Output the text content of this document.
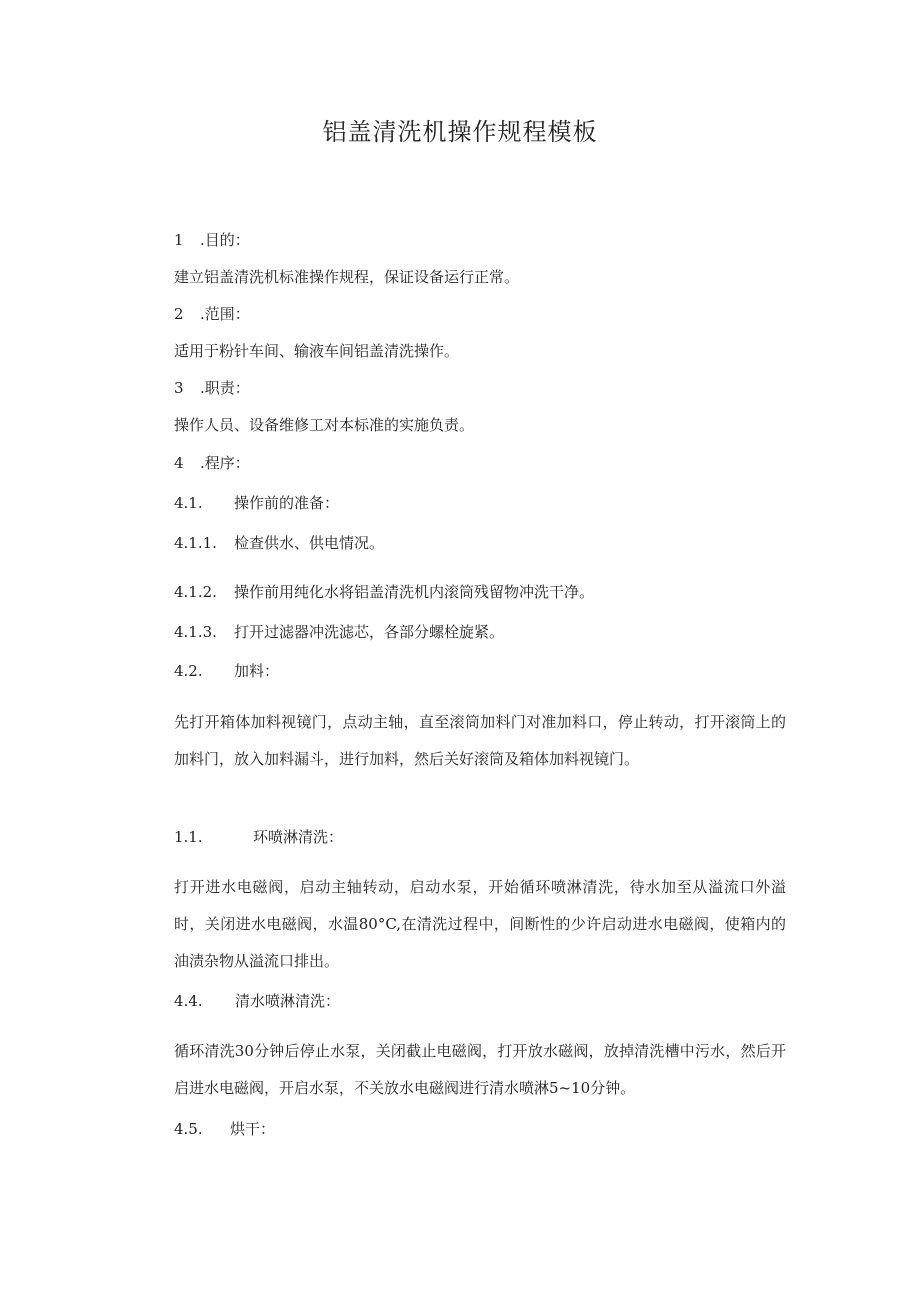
铝盖清洗机操作规程模板
1 .目的：
建立铝盖清洗机标准操作规程，保证设备运行正常。
2 .范围：
适用于粉针车间、输液车间铝盖清洗操作。
3 .职责：
操作人员、设备维修工对本标准的实施负责。
4 .程序：
4.1. 操作前的准备：
4.1.1. 检查供水、供电情况。
4.1.2. 操作前用纯化水将铝盖清洗机内滚筒残留物冲洗干净。
4.1.3. 打开过滤器冲洗滤芯，各部分螺栓旋紧。
4.2. 加料：
先打开箱体加料视镜门，点动主轴，直至滚筒加料门对准加料口，停止转动，打开滚筒上的加料门，放入加料漏斗，进行加料，然后关好滚筒及箱体加料视镜门。
1.1.	环喷淋清洗：
打开进水电磁阀，启动主轴转动，启动水泵，开始循环喷淋清洗，待水加至从溢流口外溢时，关闭进水电磁阀，水温80°C,在清洗过程中，间断性的少许启动进水电磁阀，使箱内的油渍杂物从溢流口排出。
4.4. 清水喷淋清洗：
循环清洗30分钟后停止水泵，关闭截止电磁阀，打开放水磁阀，放掉清洗槽中污水，然后开启进水电磁阀，开启水泵，不关放水电磁阀进行清水喷淋5~10分钟。
4.5. 烘干：
